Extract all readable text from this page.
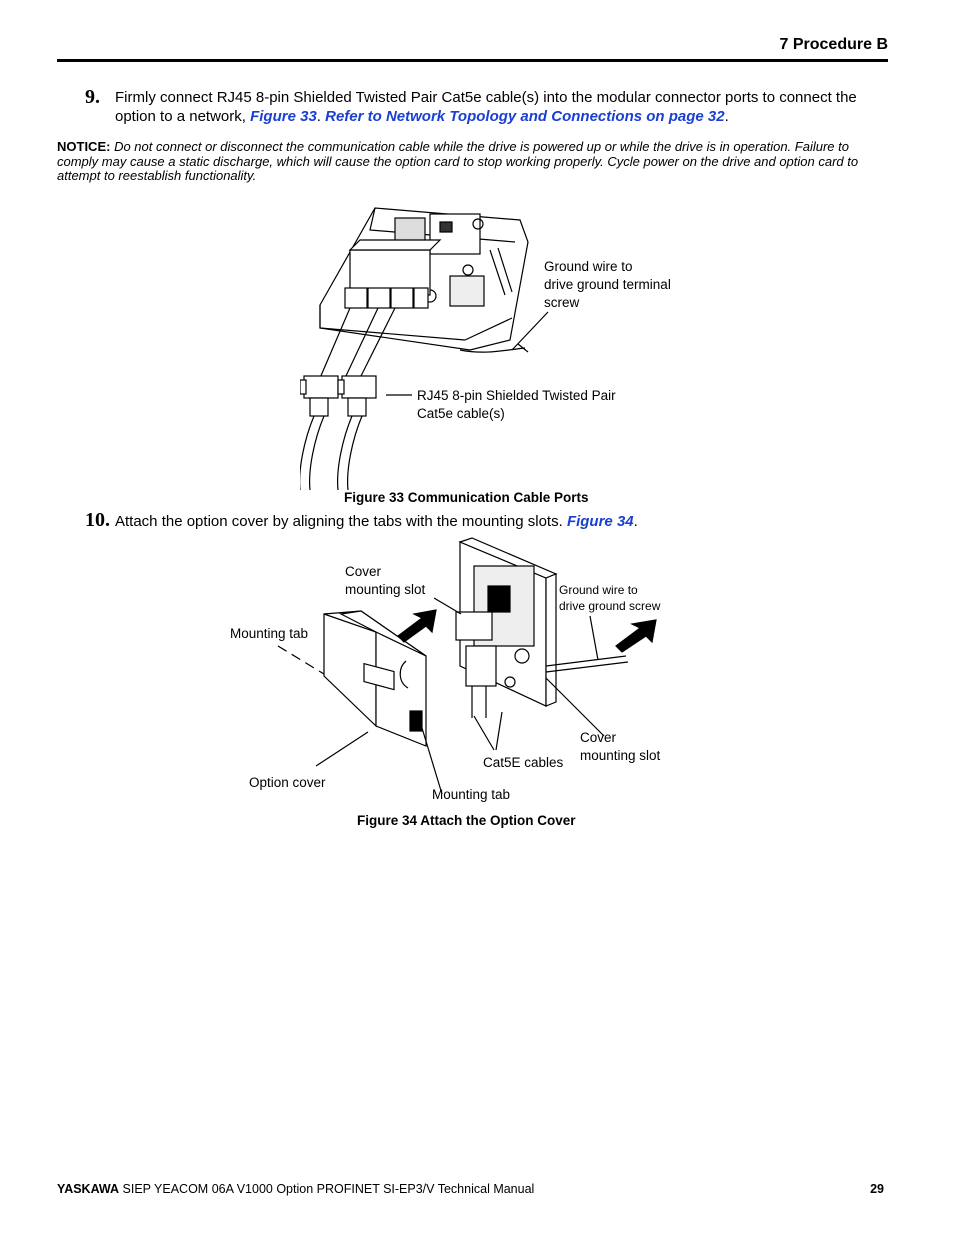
7 Procedure B
9. Firmly connect RJ45 8-pin Shielded Twisted Pair Cat5e cable(s) into the modular connector ports to connect the option to a network, Figure 33. Refer to Network Topology and Connections on page 32.
NOTICE: Do not connect or disconnect the communication cable while the drive is powered up or while the drive is in operation. Failure to comply may cause a static discharge, which will cause the option card to stop working properly. Cycle power on the drive and option card to attempt to reestablish functionality.
Ground wire to
drive ground terminal
screw
RJ45 8-pin Shielded Twisted Pair
Cat5e cable(s)
Figure 33 Communication Cable Ports
10. Attach the option cover by aligning the tabs with the mounting slots. Figure 34.
Cover
mounting slot	Ground wire to
drive ground screw
Mounting tab
Cover
mounting slot
Cat5E cables
Option cover
Mounting tab
Figure 34 Attach the Option Cover
YASKAWA SIEP YEACOM 06A V1000 Option PROFINET SI-EP3/V Technical Manual	29
